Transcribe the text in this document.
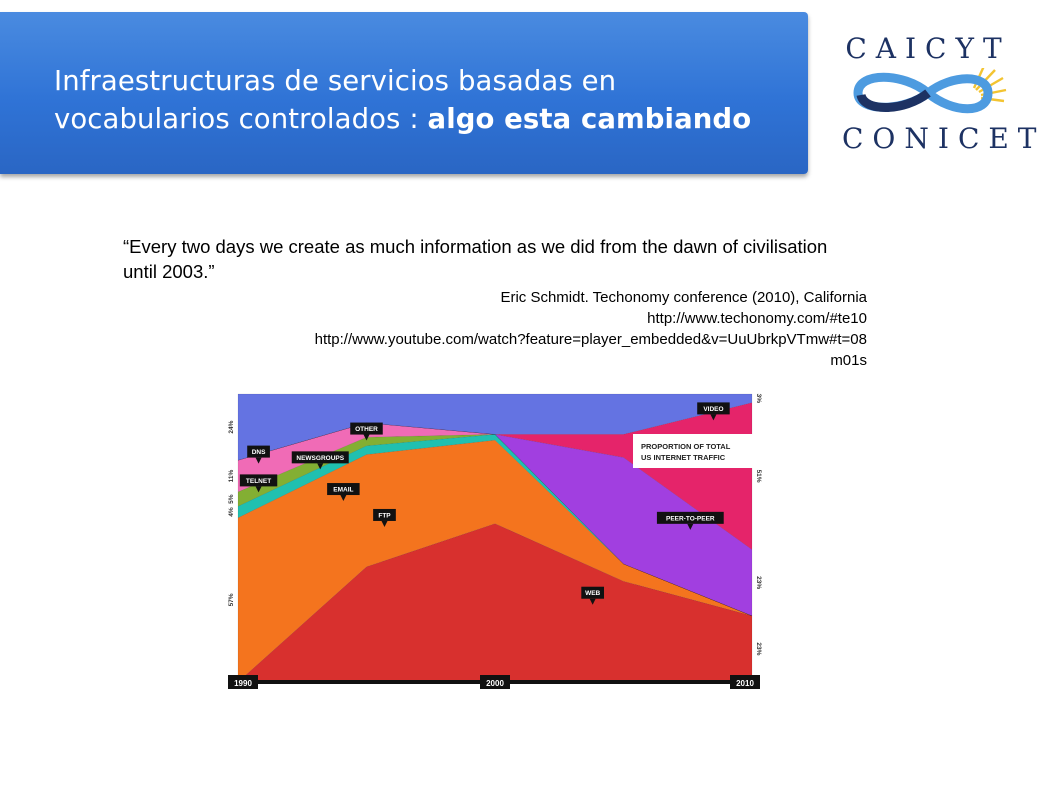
Infraestructuras de servicios basadas en vocabularios controlados : algo esta cambiando
CAICYT
CONICET
“Every two days we create as much information as we did from the dawn of civilisation until 2003.”
Eric Schmidt. Techonomy conference (2010), California
http://www.techonomy.com/#te10
http://www.youtube.com/watch?feature=player_embedded&v=UuUbrkpVTmw#t=08
m01s
1990	2000	2010
PROPORTION OF TOTAL
US INTERNET TRAFFIC
OTHER
VIDEO
DNS
NEWSGROUPS
TELNET
EMAIL
FTP	PEER-TO-PEER
WEB
57%
4%
5%
11%
24%
23%
23%
51%
3%
